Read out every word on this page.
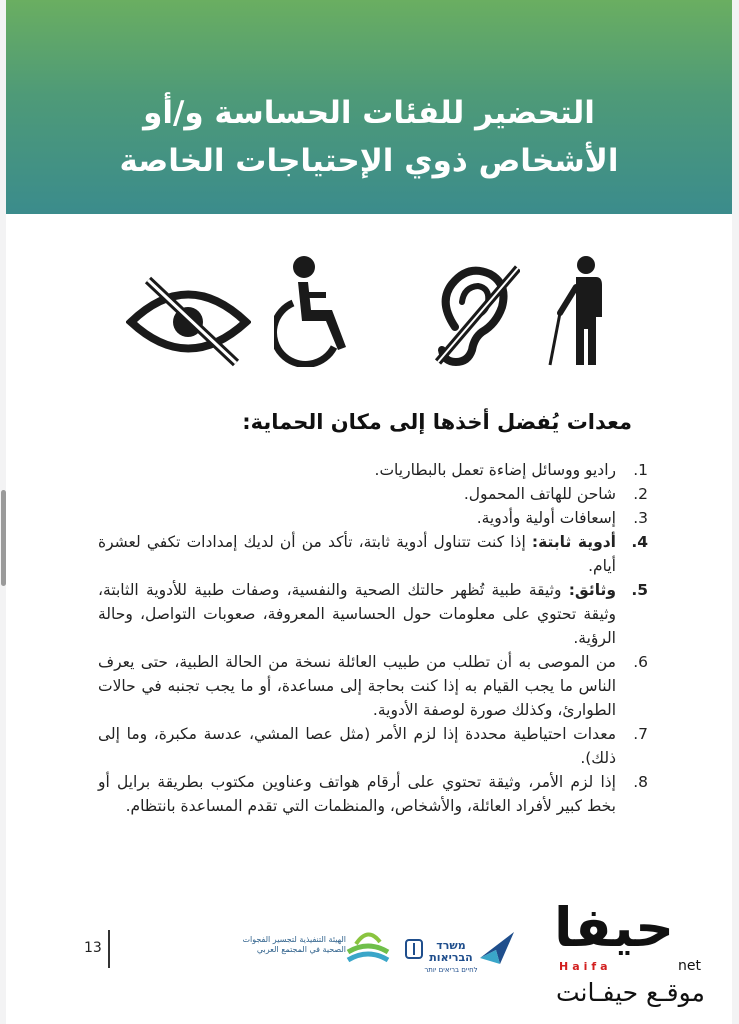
التحضير للفئات الحساسة و/أو
الأشخاص ذوي الإحتياجات الخاصة
معدات يُفضل أخذها إلى مكان الحماية:
.1
راديو ووسائل إضاءة تعمل بالبطاريات.
.2
شاحن للهاتف المحمول.
.3
إسعافات أولية وأدوية.
.4
أدوية ثابتة: إذا كنت تتناول أدوية ثابتة، تأكد من أن لديك إمدادات تكفي لعشرة أيام.
.5
وثائق: وثيقة طبية تُظهر حالتك الصحية والنفسية، وصفات طبية للأدوية الثابتة، وثيقة تحتوي على معلومات حول الحساسية المعروفة، صعوبات التواصل، وحالة الرؤية.
.6
من الموصى به أن تطلب من طبيب العائلة نسخة من الحالة الطبية، حتى يعرف الناس ما يجب القيام به إذا كنت بحاجة إلى مساعدة، أو ما يجب تجنبه في حالات الطوارئ، وكذلك صورة لوصفة الأدوية.
.7
معدات احتياطية محددة إذا لزم الأمر (مثل عصا المشي، عدسة مكبرة، وما إلى ذلك).
.8
إذا لزم الأمر، وثيقة تحتوي على أرقام هواتف وعناوين مكتوب بطريقة برايل أو بخط كبير لأفراد العائلة، والأشخاص، والمنظمات التي تقدم المساعدة بانتظام.
13
الهيئة التنفيذية لتجسير الفجوات الصحية في المجتمع العربي	משרד הבריאות
לחיים בריאים יותר
حيفا
Haifa	net
موقـع حيفـانت
